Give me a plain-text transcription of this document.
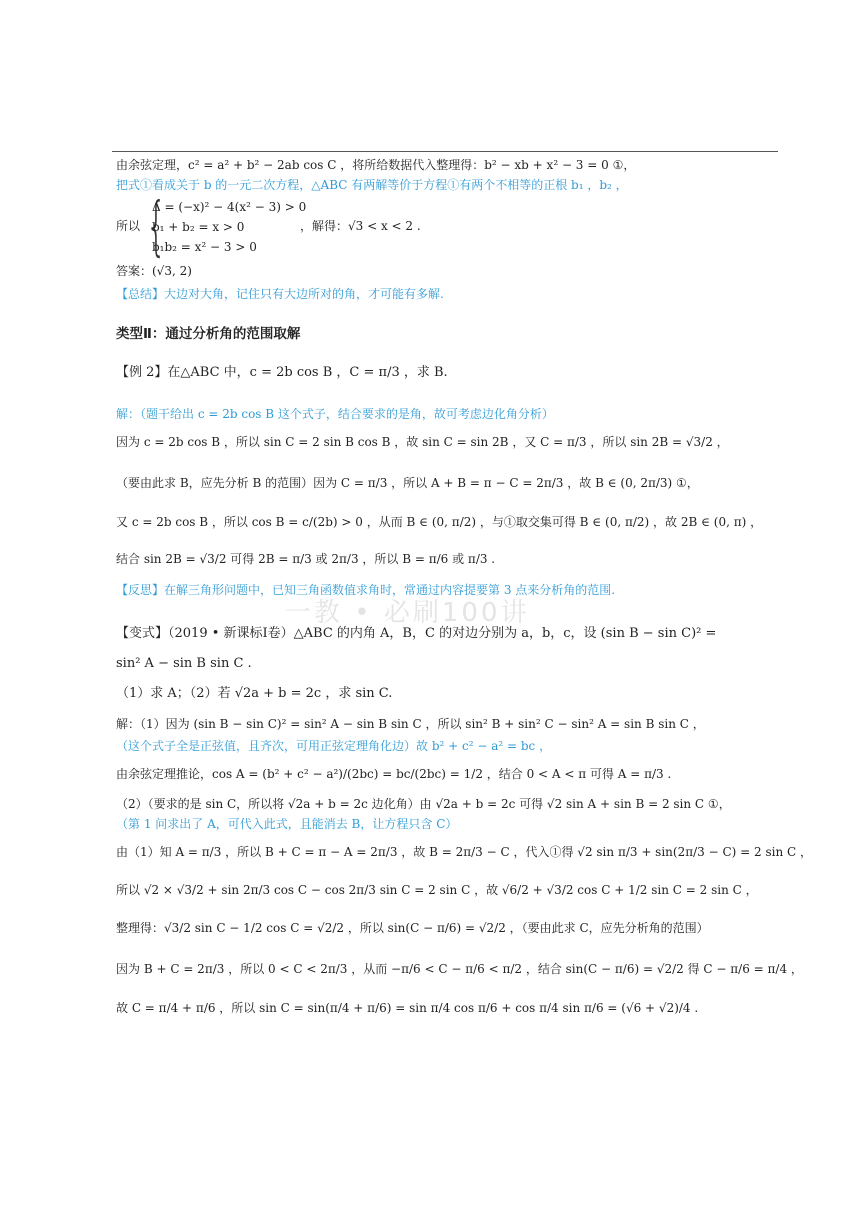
一教 • 必刷100讲
由余弦定理，c² = a² + b² − 2ab cos C ，将所给数据代入整理得：b² − xb + x² − 3 = 0 ①，
把式①看成关于 b 的一元二次方程，△ABC 有两解等价于方程①有两个不相等的正根 b₁ ，b₂ ，
所以 {
Δ = (−x)² − 4(x² − 3) > 0
b₁ + b₂ = x > 0
b₁b₂ = x² − 3 > 0
，解得：√3 < x < 2 .
答案：(√3, 2)
【总结】大边对大角，记住只有大边所对的角，才可能有多解.
类型Ⅱ：通过分析角的范围取解
【例 2】在△ABC 中，c = 2b cos B ，C = π/3 ，求 B.
解：（题干给出 c = 2b cos B 这个式子，结合要求的是角，故可考虑边化角分析）
因为 c = 2b cos B ，所以 sin C = 2 sin B cos B ，故 sin C = sin 2B ，又 C = π/3 ，所以 sin 2B = √3/2 ，
（要由此求 B，应先分析 B 的范围）因为 C = π/3 ，所以 A + B = π − C = 2π/3 ，故 B ∈ (0, 2π/3) ①，
又 c = 2b cos B ，所以 cos B = c/(2b) > 0 ，从而 B ∈ (0, π/2) ，与①取交集可得 B ∈ (0, π/2) ，故 2B ∈ (0, π) ，
结合 sin 2B = √3/2 可得 2B = π/3 或 2π/3 ，所以 B = π/6 或 π/3 .
【反思】在解三角形问题中，已知三角函数值求角时，常通过内容提要第 3 点来分析角的范围.
【变式】（2019 • 新课标Ⅰ卷）△ABC 的内角 A，B，C 的对边分别为 a，b，c，设 (sin B − sin C)² =
sin² A − sin B sin C .
（1）求 A；（2）若 √2a + b = 2c ，求 sin C.
解：（1）因为 (sin B − sin C)² = sin² A − sin B sin C ，所以 sin² B + sin² C − sin² A = sin B sin C ，
（这个式子全是正弦值，且齐次，可用正弦定理角化边）故 b² + c² − a² = bc ，
由余弦定理推论，cos A = (b² + c² − a²)/(2bc) = bc/(2bc) = 1/2 ，结合 0 < A < π 可得 A = π/3 .
（2）（要求的是 sin C，所以将 √2a + b = 2c 边化角）由 √2a + b = 2c 可得 √2 sin A + sin B = 2 sin C ①，
（第 1 问求出了 A，可代入此式，且能消去 B，让方程只含 C）
由（1）知 A = π/3 ，所以 B + C = π − A = 2π/3 ，故 B = 2π/3 − C ，代入①得 √2 sin π/3 + sin(2π/3 − C) = 2 sin C ，
所以 √2 × √3/2 + sin 2π/3 cos C − cos 2π/3 sin C = 2 sin C ，故 √6/2 + √3/2 cos C + 1/2 sin C = 2 sin C ，
整理得：√3/2 sin C − 1/2 cos C = √2/2 ，所以 sin(C − π/6) = √2/2 ，（要由此求 C，应先分析角的范围）
因为 B + C = 2π/3 ，所以 0 < C < 2π/3 ，从而 −π/6 < C − π/6 < π/2 ，结合 sin(C − π/6) = √2/2 得 C − π/6 = π/4 ，
故 C = π/4 + π/6 ，所以 sin C = sin(π/4 + π/6) = sin π/4 cos π/6 + cos π/4 sin π/6 = (√6 + √2)/4 .
